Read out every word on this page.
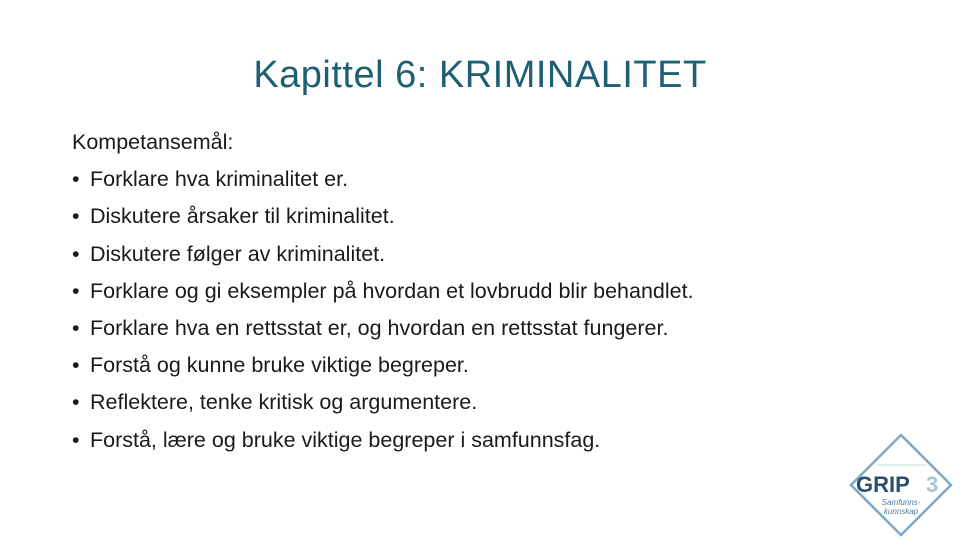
Kapittel 6: KRIMINALITET
Kompetansemål:
• Forklare hva kriminalitet er.
• Diskutere årsaker til kriminalitet.
• Diskutere følger av kriminalitet.
• Forklare og gi eksempler på hvordan et lovbrudd blir behandlet.
• Forklare hva en rettsstat er, og hvordan en rettsstat fungerer.
• Forstå og kunne bruke viktige begreper.
• Reflektere, tenke kritisk og argumentere.
• Forstå, lære og bruke viktige begreper i samfunnsfag.
GRIP 3
Samfunns-
kunnskap
